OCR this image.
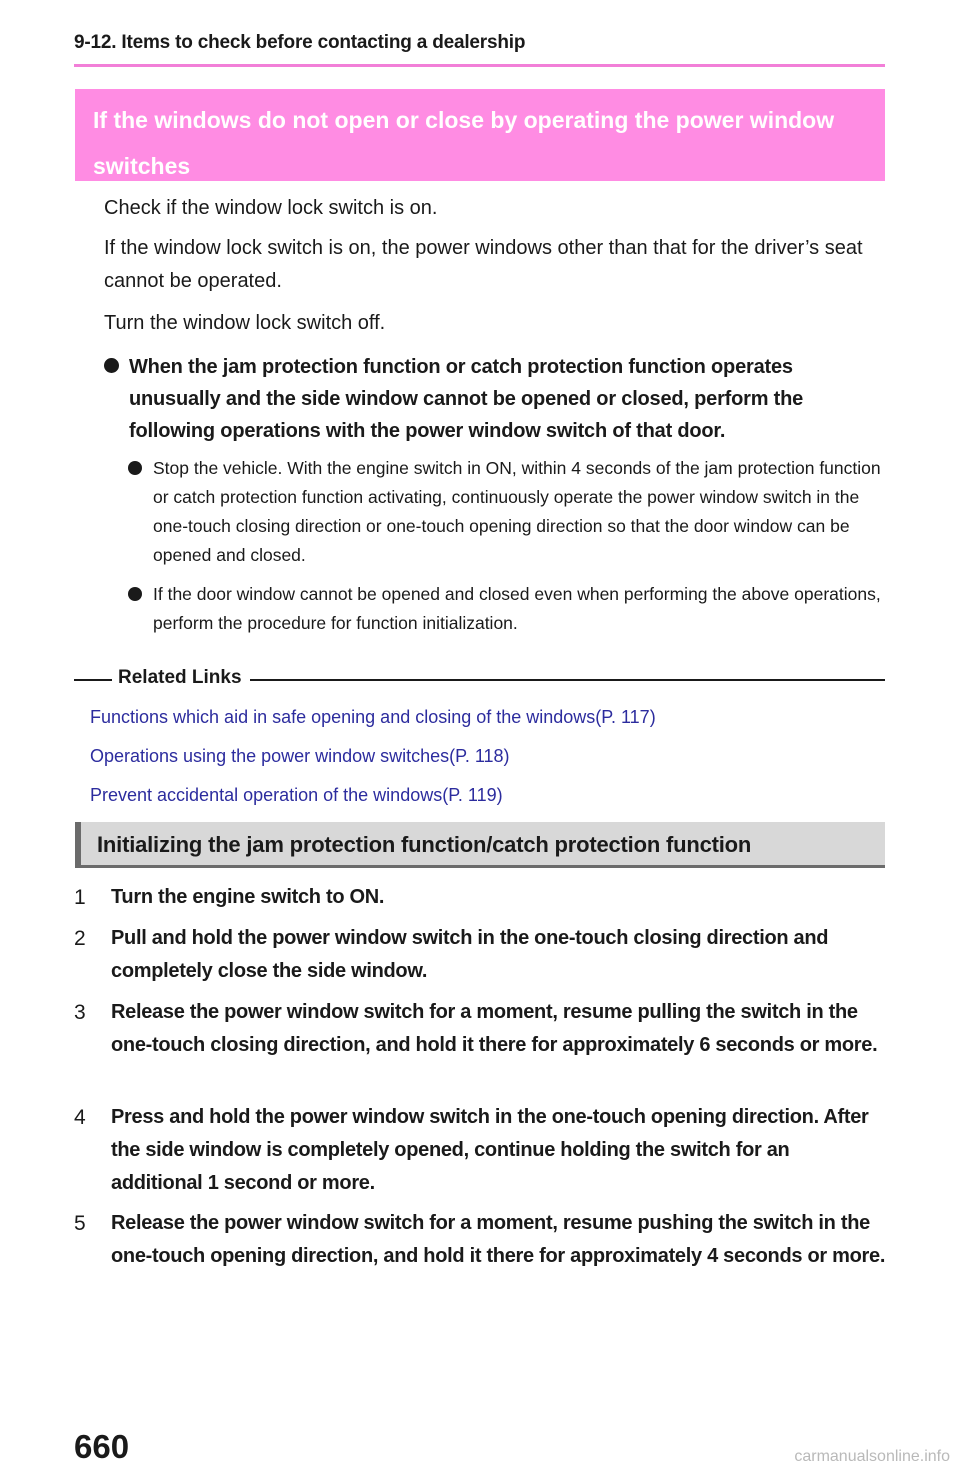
9-12. Items to check before contacting a dealership
If the windows do not open or close by operating the power window switches
Check if the window lock switch is on.
If the window lock switch is on, the power windows other than that for the driver’s seat cannot be operated.
Turn the window lock switch off.
When the jam protection function or catch protection function operates unusually and the side window cannot be opened or closed, perform the following operations with the power window switch of that door.
Stop the vehicle. With the engine switch in ON, within 4 seconds of the jam protection function or catch protection function activating, continuously operate the power window switch in the one-touch closing direction or one-touch opening direction so that the door window can be opened and closed.
If the door window cannot be opened and closed even when performing the above operations, perform the procedure for function initialization.
Related Links
Functions which aid in safe opening and closing of the windows(P. 117)
Operations using the power window switches(P. 118)
Prevent accidental operation of the windows(P. 119)
Initializing the jam protection function/catch protection function
1	Turn the engine switch to ON.
2	Pull and hold the power window switch in the one-touch closing direction and completely close the side window.
3	Release the power window switch for a moment, resume pulling the switch in the one-touch closing direction, and hold it there for approximately 6 seconds or more.
4	Press and hold the power window switch in the one-touch opening direction. After the side window is completely opened, continue holding the switch for an additional 1 second or more.
5	Release the power window switch for a moment, resume pushing the switch in the one-touch opening direction, and hold it there for approximately 4 seconds or more.
660	carmanualsonline.info
